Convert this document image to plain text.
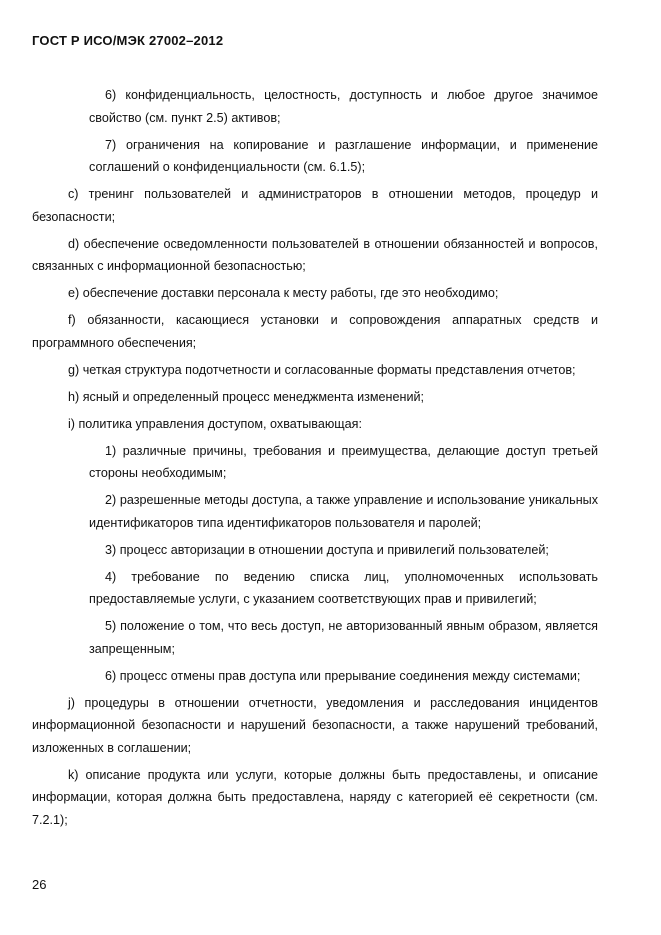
ГОСТ Р ИСО/МЭК 27002–2012

6) конфиденциальность, целостность, доступность и любое другое значимое свойство (см. пункт 2.5) активов;

7) ограничения на копирование и разглашение информации, и применение соглашений о конфиденциальности (см. 6.1.5);

c) тренинг пользователей и администраторов в отношении методов, процедур и безопасности;

d) обеспечение осведомленности пользователей в отношении обязанностей и вопросов, связанных с информационной безопасностью;

e) обеспечение доставки персонала к месту работы, где это необходимо;

f) обязанности, касающиеся установки и сопровождения аппаратных средств и программного обеспечения;

g) четкая структура подотчетности и согласованные форматы представления отчетов;

h) ясный и определенный процесс менеджмента изменений;

i) политика управления доступом, охватывающая:

1) различные причины, требования и преимущества, делающие доступ третьей стороны необходимым;

2) разрешенные методы доступа, а также управление и использование уникальных идентификаторов типа идентификаторов пользователя и паролей;

3) процесс авторизации в отношении доступа и привилегий пользователей;

4) требование по ведению списка лиц, уполномоченных использовать предоставляемые услуги, с указанием соответствующих прав и привилегий;

5) положение о том, что весь доступ, не авторизованный явным образом, является запрещенным;

6) процесс отмены прав доступа или прерывание соединения между системами;

j) процедуры в отношении отчетности, уведомления и расследования инцидентов информационной безопасности и нарушений безопасности, а также нарушений требований, изложенных в соглашении;

k) описание продукта или услуги, которые должны быть предоставлены, и описание информации, которая должна быть предоставлена, наряду с категорией её секретности (см. 7.2.1);

26
